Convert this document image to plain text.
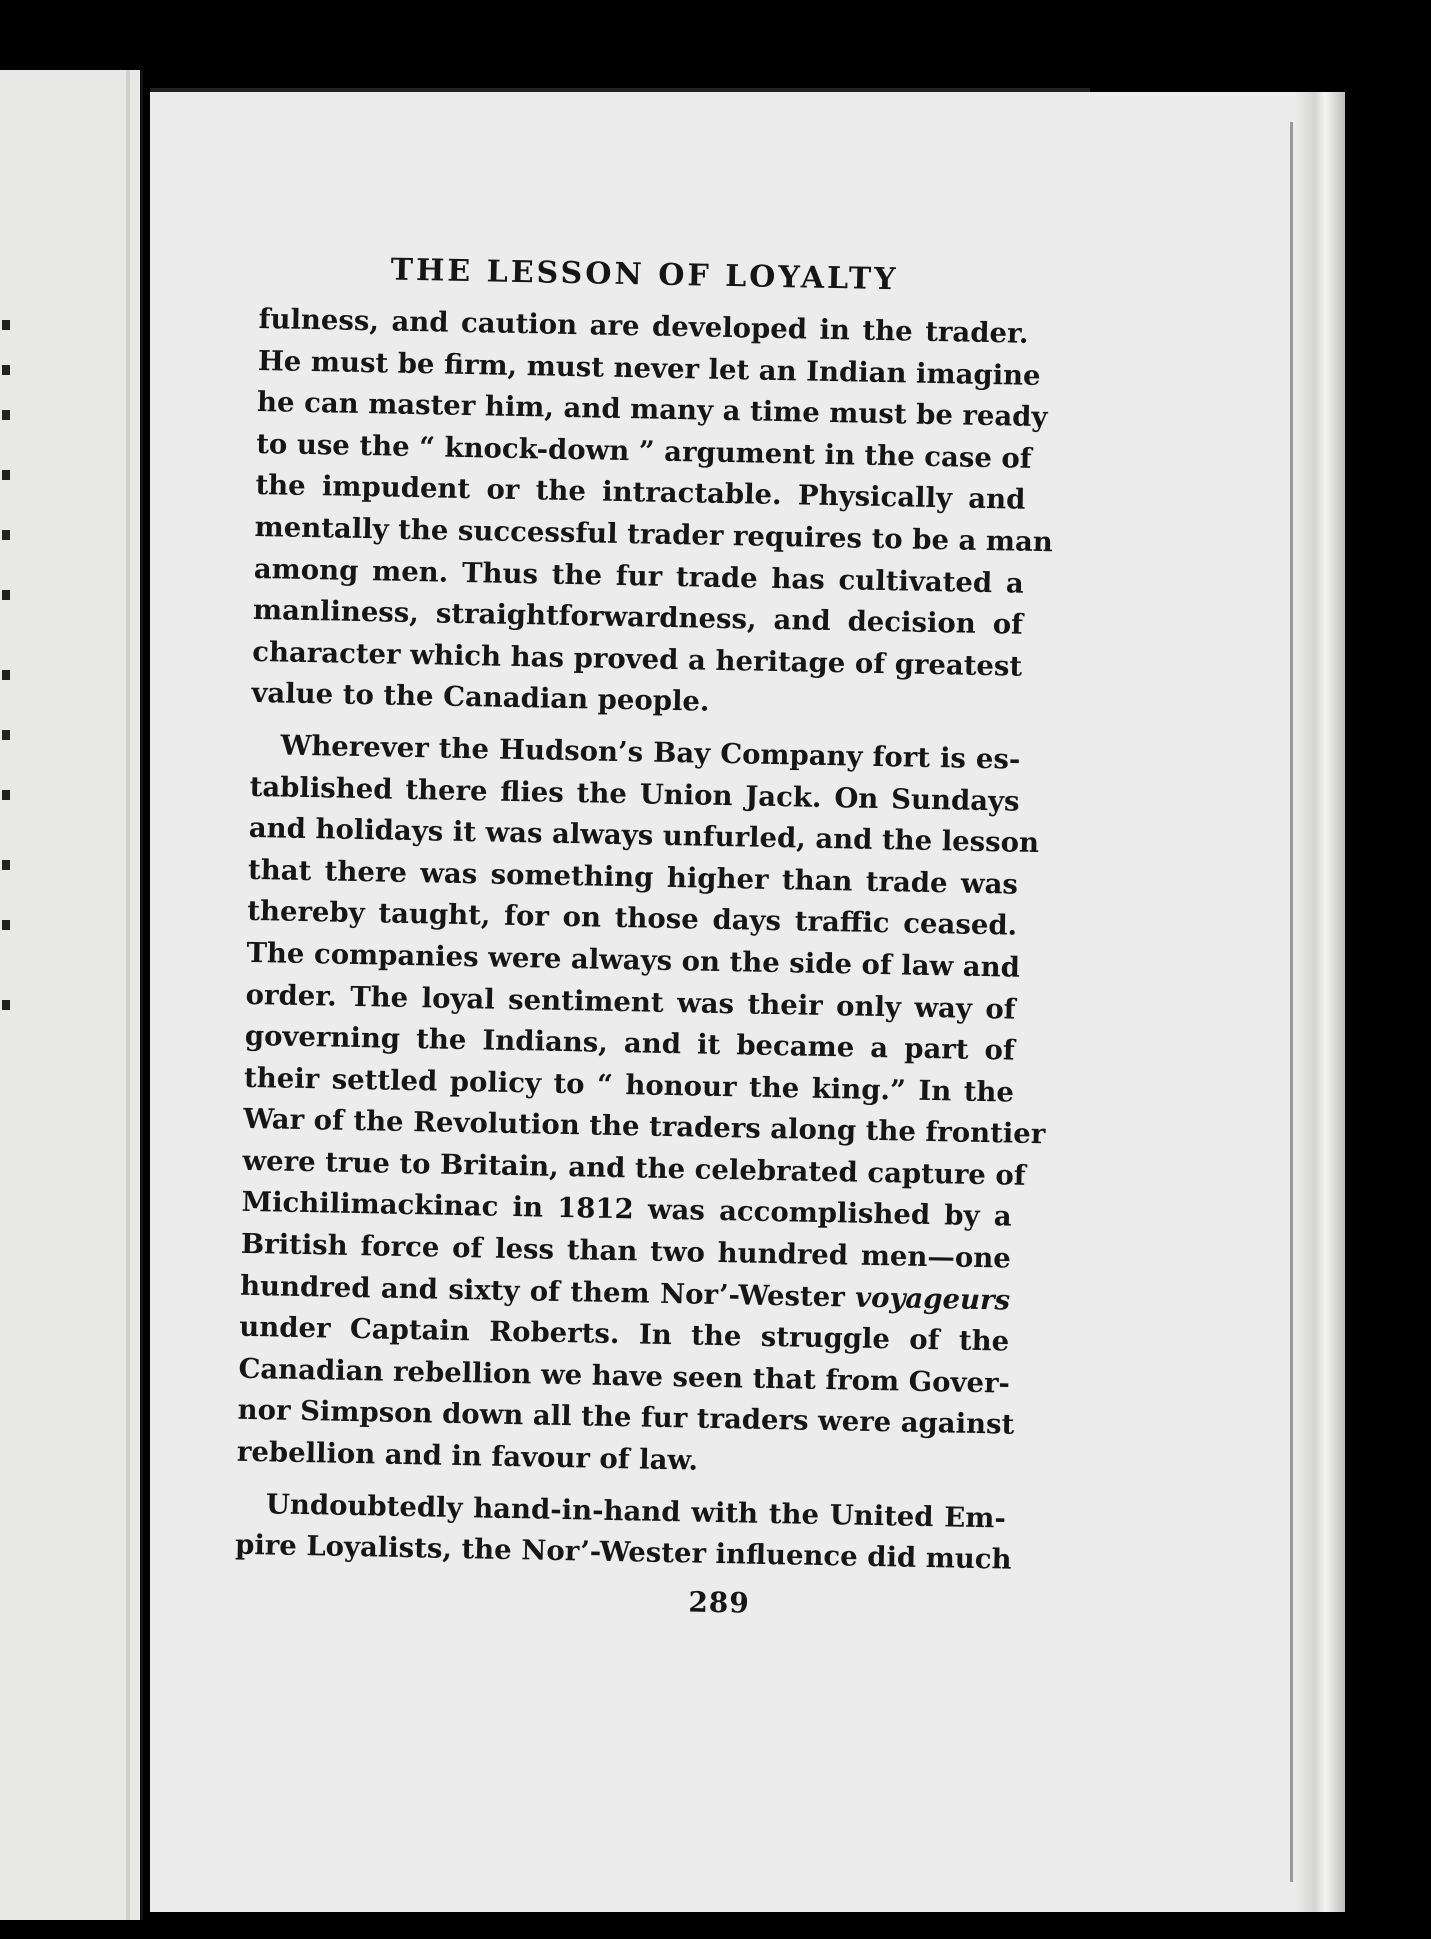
THE LESSON OF LOYALTY
fulness, and caution are developed in the trader.
He must be firm, must never let an Indian imagine
he can master him, and many a time must be ready
to use the “ knock-down ” argument in the case of
the impudent or the intractable. Physically and
mentally the successful trader requires to be a man
among men. Thus the fur trade has cultivated a
manliness, straightforwardness, and decision of
character which has proved a heritage of greatest
value to the Canadian people.
Wherever the Hudson’s Bay Company fort is es-
tablished there flies the Union Jack. On Sundays
and holidays it was always unfurled, and the lesson
that there was something higher than trade was
thereby taught, for on those days traffic ceased.
The companies were always on the side of law and
order. The loyal sentiment was their only way of
governing the Indians, and it became a part of
their settled policy to “ honour the king.” In the
War of the Revolution the traders along the frontier
were true to Britain, and the celebrated capture of
Michilimackinac in 1812 was accomplished by a
British force of less than two hundred men—one
hundred and sixty of them Nor’-Wester voyageurs
under Captain Roberts. In the struggle of the
Canadian rebellion we have seen that from Gover-
nor Simpson down all the fur traders were against
rebellion and in favour of law.
Undoubtedly hand-in-hand with the United Em-
pire Loyalists, the Nor’-Wester influence did much
289
